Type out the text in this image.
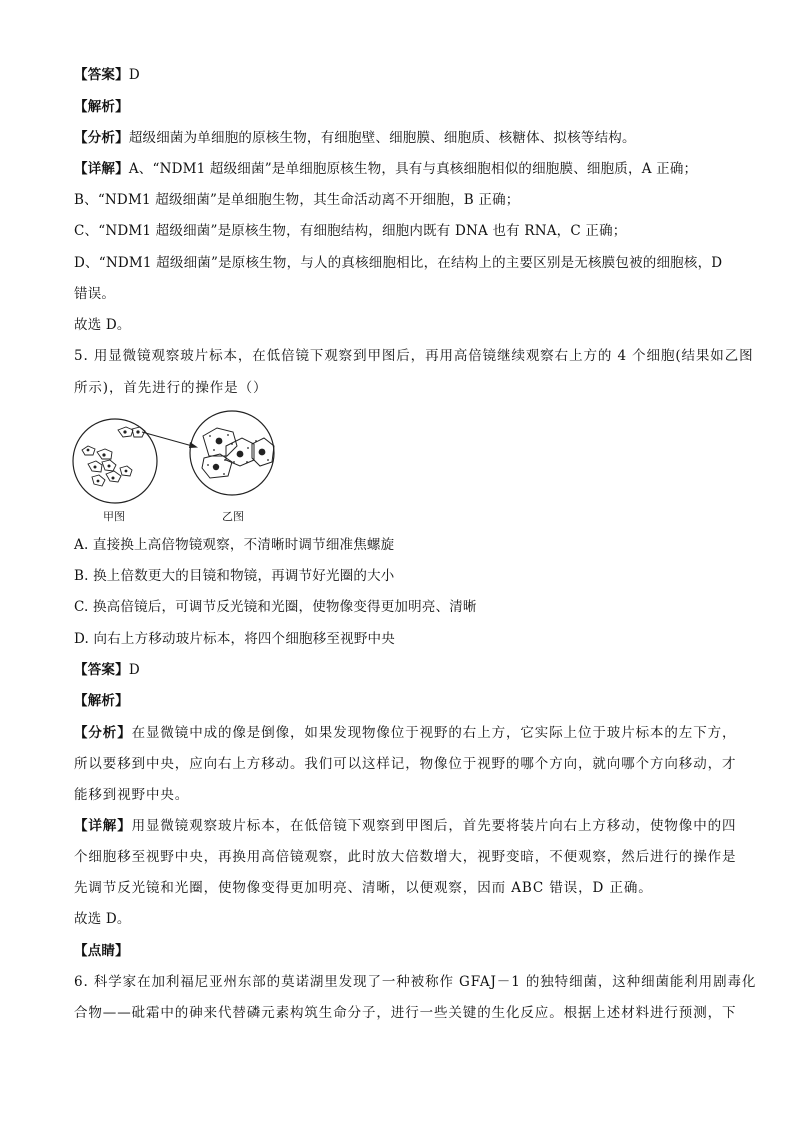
【答案】D
【解析】
【分析】超级细菌为单细胞的原核生物，有细胞壁、细胞膜、细胞质、核糖体、拟核等结构。
【详解】A、“NDM1 超级细菌”是单细胞原核生物，具有与真核细胞相似的细胞膜、细胞质，A 正确；
B、“NDM1 超级细菌”是单细胞生物，其生命活动离不开细胞，B 正确；
C、“NDM1 超级细菌”是原核生物，有细胞结构，细胞内既有 DNA 也有 RNA，C 正确；
D、“NDM1 超级细菌”是原核生物，与人的真核细胞相比，在结构上的主要区别是无核膜包被的细胞核，D
错误。
故选 D。
5. 用显微镜观察玻片标本，在低倍镜下观察到甲图后，再用高倍镜继续观察右上方的 4 个细胞(结果如乙图
所示)，首先进行的操作是（）
甲图	乙图
A. 直接换上高倍物镜观察，不清晰时调节细准焦螺旋
B. 换上倍数更大的目镜和物镜，再调节好光圈的大小
C. 换高倍镜后，可调节反光镜和光圈，使物像变得更加明亮、清晰
D. 向右上方移动玻片标本，将四个细胞移至视野中央
【答案】D
【解析】
【分析】在显微镜中成的像是倒像，如果发现物像位于视野的右上方，它实际上位于玻片标本的左下方，
所以要移到中央，应向右上方移动。我们可以这样记，物像位于视野的哪个方向，就向哪个方向移动，才
能移到视野中央。
【详解】用显微镜观察玻片标本，在低倍镜下观察到甲图后，首先要将装片向右上方移动，使物像中的四
个细胞移至视野中央，再换用高倍镜观察，此时放大倍数增大，视野变暗，不便观察，然后进行的操作是
先调节反光镜和光圈，使物像变得更加明亮、清晰，以便观察，因而 ABC 错误，D 正确。
故选 D。
【点睛】
6. 科学家在加利福尼亚州东部的莫诺湖里发现了一种被称作 GFAJ－1 的独特细菌，这种细菌能利用剧毒化
合物——砒霜中的砷来代替磷元素构筑生命分子，进行一些关键的生化反应。根据上述材料进行预测，下
